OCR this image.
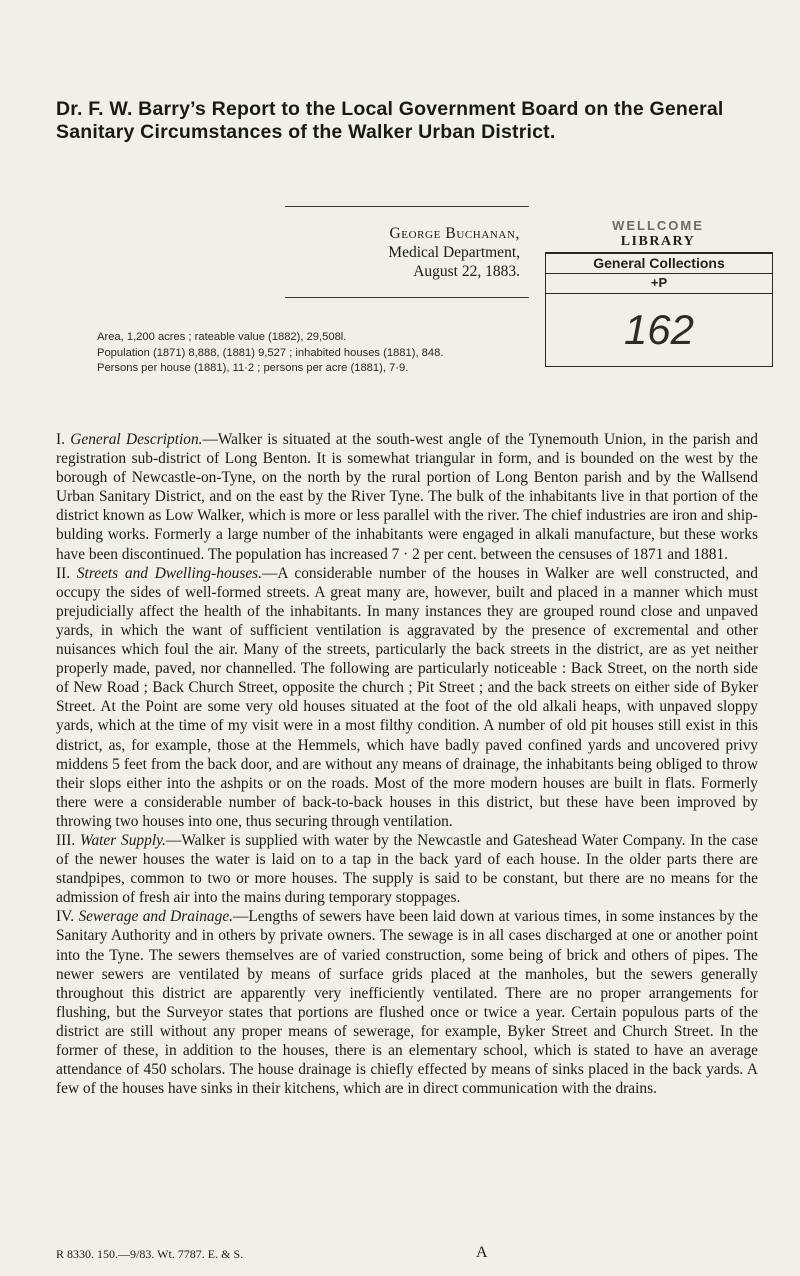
Dr. F. W. Barry’s Report to the Local Government Board on the General Sanitary Circumstances of the Walker Urban District.
George Buchanan,
Medical Department,
August 22, 1883.
Area, 1,200 acres ; rateable value (1882), 29,508l.
Population (1871) 8,888, (1881) 9,527 ; inhabited houses (1881), 848.
Persons per house (1881), 11·2 ; persons per acre (1881), 7·9.
WELLCOME
LIBRARY
General Collections
+P
162

I. General Description.—Walker is situated at the south-west angle of the Tynemouth Union, in the parish and registration sub-district of Long Benton. It is somewhat triangular in form, and is bounded on the west by the borough of Newcastle-on-Tyne, on the north by the rural portion of Long Benton parish and by the Wallsend Urban Sanitary District, and on the east by the River Tyne. The bulk of the inhabitants live in that portion of the district known as Low Walker, which is more or less parallel with the river. The chief industries are iron and ship-bulding works. Formerly a large number of the inhabitants were engaged in alkali manufacture, but these works have been discontinued. The population has increased 7 · 2 per cent. between the censuses of 1871 and 1881.

II. Streets and Dwelling-houses.—A considerable number of the houses in Walker are well constructed, and occupy the sides of well-formed streets. A great many are, however, built and placed in a manner which must prejudicially affect the health of the inhabitants. In many instances they are grouped round close and unpaved yards, in which the want of sufficient ventilation is aggravated by the presence of excremental and other nuisances which foul the air. Many of the streets, particularly the back streets in the district, are as yet neither properly made, paved, nor channelled. The following are particularly noticeable : Back Street, on the north side of New Road ; Back Church Street, opposite the church ; Pit Street ; and the back streets on either side of Byker Street. At the Point are some very old houses situated at the foot of the old alkali heaps, with unpaved sloppy yards, which at the time of my visit were in a most filthy condition. A number of old pit houses still exist in this district, as, for example, those at the Hemmels, which have badly paved confined yards and uncovered privy middens 5 feet from the back door, and are without any means of drainage, the inhabitants being obliged to throw their slops either into the ashpits or on the roads. Most of the more modern houses are built in flats. Formerly there were a considerable number of back-to-back houses in this district, but these have been improved by throwing two houses into one, thus securing through ventilation.

III. Water Supply.—Walker is supplied with water by the Newcastle and Gateshead Water Company. In the case of the newer houses the water is laid on to a tap in the back yard of each house. In the older parts there are standpipes, common to two or more houses. The supply is said to be constant, but there are no means for the admission of fresh air into the mains during temporary stoppages.

IV. Sewerage and Drainage.—Lengths of sewers have been laid down at various times, in some instances by the Sanitary Authority and in others by private owners. The sewage is in all cases discharged at one or another point into the Tyne. The sewers themselves are of varied construction, some being of brick and others of pipes. The newer sewers are ventilated by means of surface grids placed at the manholes, but the sewers generally throughout this district are apparently very inefficiently ventilated. There are no proper arrangements for flushing, but the Surveyor states that portions are flushed once or twice a year. Certain populous parts of the district are still without any proper means of sewerage, for example, Byker Street and Church Street. In the former of these, in addition to the houses, there is an elementary school, which is stated to have an average attendance of 450 scholars. The house drainage is chiefly effected by means of sinks placed in the back yards. A few of the houses have sinks in their kitchens, which are in direct communication with the drains.

R 8330. 150.—9/83. Wt. 7787. E. & S.	A
